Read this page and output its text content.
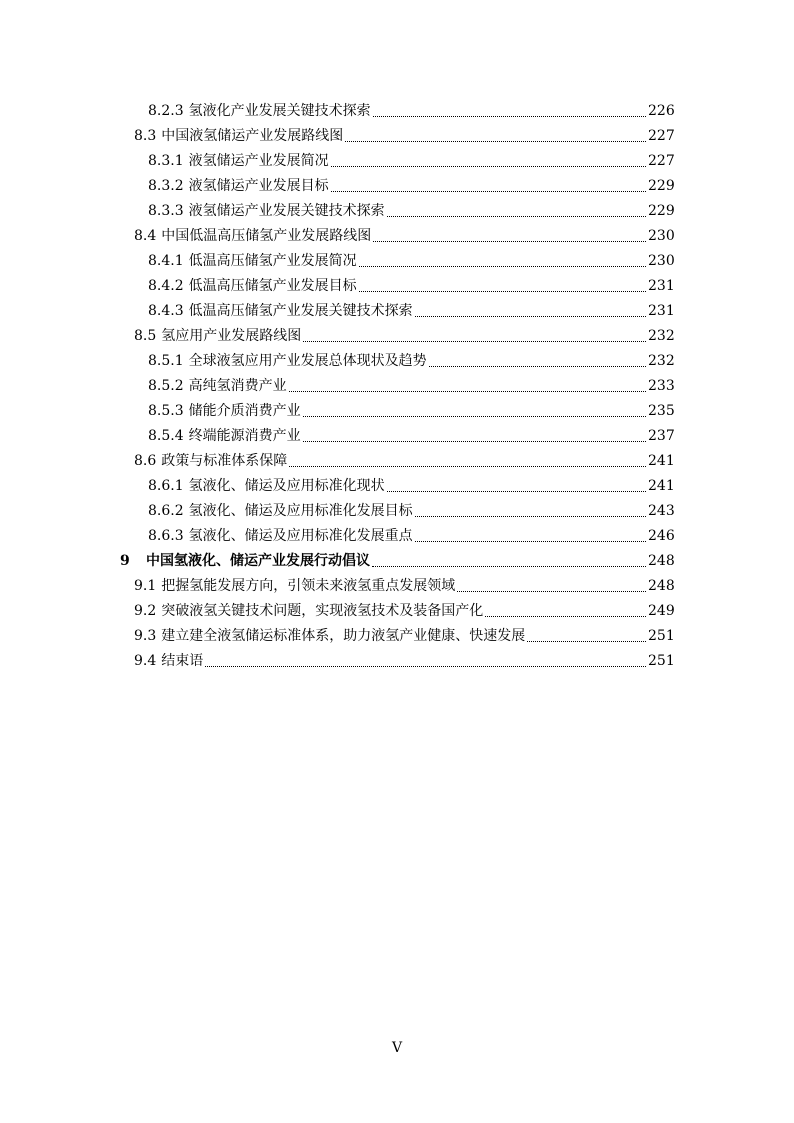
8.2.3 氢液化产业发展关键技术探索	226
8.3 中国液氢储运产业发展路线图	227
8.3.1 液氢储运产业发展简况	227
8.3.2 液氢储运产业发展目标	229
8.3.3 液氢储运产业发展关键技术探索	229
8.4 中国低温高压储氢产业发展路线图	230
8.4.1 低温高压储氢产业发展简况	230
8.4.2 低温高压储氢产业发展目标	231
8.4.3 低温高压储氢产业发展关键技术探索	231
8.5 氢应用产业发展路线图	232
8.5.1 全球液氢应用产业发展总体现状及趋势	232
8.5.2 高纯氢消费产业	233
8.5.3 储能介质消费产业	235
8.5.4 终端能源消费产业	237
8.6 政策与标准体系保障	241
8.6.1 氢液化、储运及应用标准化现状	241
8.6.2 氢液化、储运及应用标准化发展目标	243
8.6.3 氢液化、储运及应用标准化发展重点	246
9	中国氢液化、储运产业发展行动倡议	248
9.1 把握氢能发展方向，引领未来液氢重点发展领域	248
9.2 突破液氢关键技术问题，实现液氢技术及装备国产化	249
9.3 建立建全液氢储运标准体系，助力液氢产业健康、快速发展	251
9.4 结束语	251
V
